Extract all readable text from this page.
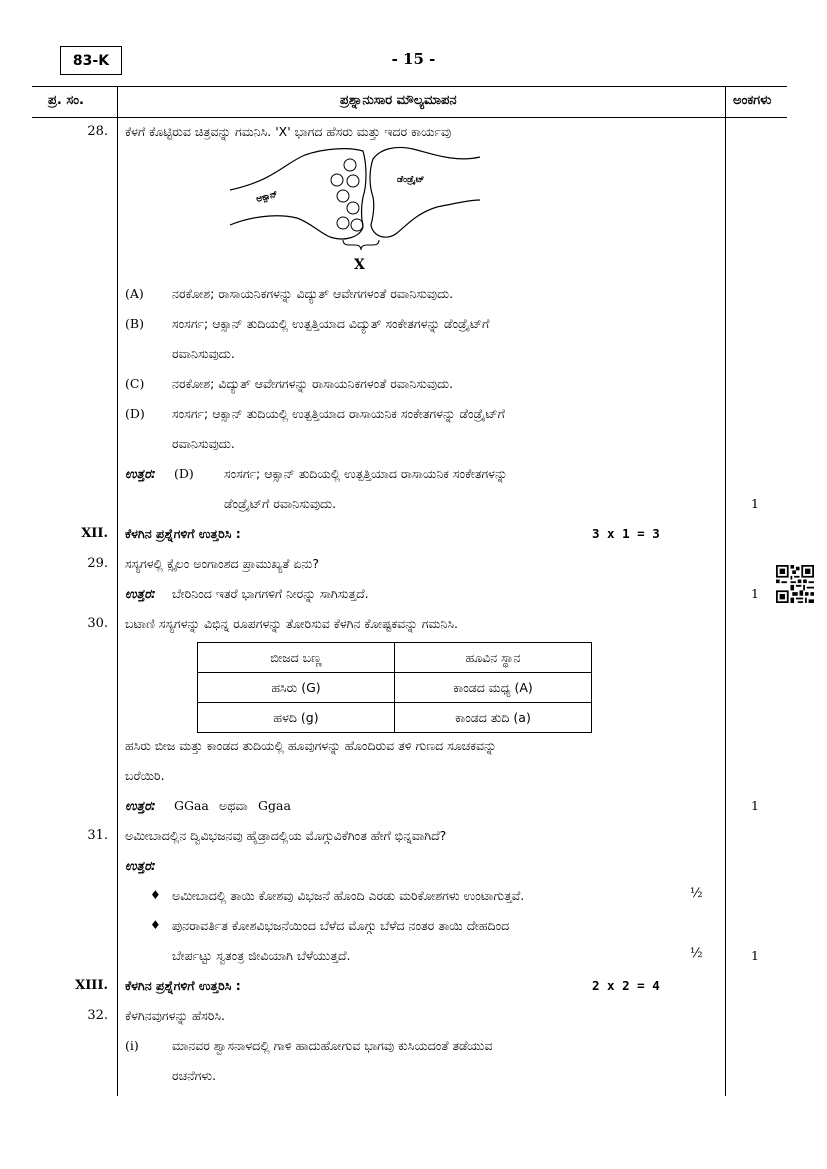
83-K	- 15 -
ಪ್ರ. ಸಂ.	ಪ್ರಶ್ನಾನುಸಾರ ಮೌಲ್ಯಮಾಪನ	ಅಂಕಗಳು
28. ಕೆಳಗೆ ಕೊಟ್ಟಿರುವ ಚಿತ್ರವನ್ನು ಗಮನಿಸಿ. 'X' ಭಾಗದ ಹೆಸರು ಮತ್ತು ಇದರ ಕಾರ್ಯವು
ಆಕ್ಸಾನ್
ಡೆಂಡ್ರೈಟ್
X
(A) ನರಕೋಶ; ರಾಸಾಯನಿಕಗಳನ್ನು ವಿದ್ಯುತ್ ಆವೇಗಗಳಂತೆ ರವಾನಿಸುವುದು.
(B) ಸಂಸರ್ಗ; ಆಕ್ಸಾನ್ ತುದಿಯಲ್ಲಿ ಉತ್ಪತ್ತಿಯಾದ ವಿದ್ಯುತ್ ಸಂಕೇತಗಳನ್ನು ಡೆಂಡ್ರೈಟ್‌ಗೆ
ರವಾನಿಸುವುದು.
(C) ನರಕೋಶ; ವಿದ್ಯುತ್ ಆವೇಗಗಳನ್ನು ರಾಸಾಯನಿಕಗಳಂತೆ ರವಾನಿಸುವುದು.
(D) ಸಂಸರ್ಗ; ಆಕ್ಸಾನ್ ತುದಿಯಲ್ಲಿ ಉತ್ಪತ್ತಿಯಾದ ರಾಸಾಯನಿಕ ಸಂಕೇತಗಳನ್ನು ಡೆಂಡ್ರೈಟ್‌ಗೆ
ರವಾನಿಸುವುದು.
ಉತ್ತರ: (D) ಸಂಸರ್ಗ; ಆಕ್ಸಾನ್ ತುದಿಯಲ್ಲಿ ಉತ್ಪತ್ತಿಯಾದ ರಾಸಾಯನಿಕ ಸಂಕೇತಗಳನ್ನು
ಡೆಂಡ್ರೈಟ್‌ಗೆ ರವಾನಿಸುವುದು.	1
XII. ಕೆಳಗಿನ ಪ್ರಶ್ನೆಗಳಿಗೆ ಉತ್ತರಿಸಿ :	3 x 1 = 3
29. ಸಸ್ಯಗಳಲ್ಲಿ ಕ್ಸೈಲಂ ಅಂಗಾಂಶದ ಪ್ರಾಮುಖ್ಯತೆ ಏನು?
ಉತ್ತರ: ಬೇರಿನಿಂದ ಇತರೆ ಭಾಗಗಳಿಗೆ ನೀರನ್ನು ಸಾಗಿಸುತ್ತದೆ.	1
30. ಬಟಾಣಿ ಸಸ್ಯಗಳನ್ನು ವಿಭಿನ್ನ ರೂಪಗಳನ್ನು ತೋರಿಸುವ ಕೆಳಗಿನ ಕೋಷ್ಟಕವನ್ನು ಗಮನಿಸಿ.
ಬೀಜದ ಬಣ್ಣ	ಹೂವಿನ ಸ್ಥಾನ
ಹಸಿರು (G)	ಕಾಂಡದ ಮಧ್ಯ (A)
ಹಳದಿ (g)	ಕಾಂಡದ ತುದಿ (a)
ಹಸಿರು ಬೀಜ ಮತ್ತು ಕಾಂಡದ ತುದಿಯಲ್ಲಿ ಹೂವುಗಳನ್ನು ಹೊಂದಿರುವ ತಳಿ ಗುಣದ ಸೂಚಕವನ್ನು
ಬರೆಯಿರಿ.
ಉತ್ತರ: GGaa ಅಥವಾ Ggaa	1
31. ಅಮೀಬಾದಲ್ಲಿನ ದ್ವಿವಿಭಜನವು ಹೈಡ್ರಾದಲ್ಲಿಯ ಮೊಗ್ಗುವಿಕೆಗಿಂತ ಹೇಗೆ ಭಿನ್ನವಾಗಿದೆ?
ಉತ್ತರ:
♦ ಅಮೀಬಾದಲ್ಲಿ ತಾಯಿ ಕೋಶವು ವಿಭಜನೆ ಹೊಂದಿ ಎರಡು ಮರಿಕೋಶಗಳು ಉಂಟಾಗುತ್ತವೆ.	½
♦ ಪುನರಾವರ್ತಿತ ಕೋಶವಿಭಜನೆಯಿಂದ ಬೆಳೆದ ಮೊಗ್ಗು ಬೆಳೆದ ನಂತರ ತಾಯಿ ದೇಹದಿಂದ
ಬೇರ್ಪಟ್ಟು ಸ್ವತಂತ್ರ ಜೀವಿಯಾಗಿ ಬೆಳೆಯುತ್ತದೆ.	½	1
XIII. ಕೆಳಗಿನ ಪ್ರಶ್ನೆಗಳಿಗೆ ಉತ್ತರಿಸಿ :	2 x 2 = 4
32. ಕೆಳಗಿನವುಗಳನ್ನು ಹೆಸರಿಸಿ.
(i)	ಮಾನವರ ಶ್ವಾಸನಾಳದಲ್ಲಿ ಗಾಳಿ ಹಾದುಹೋಗುವ ಭಾಗವು ಕುಸಿಯದಂತೆ ತಡೆಯುವ
ರಚನೆಗಳು.
